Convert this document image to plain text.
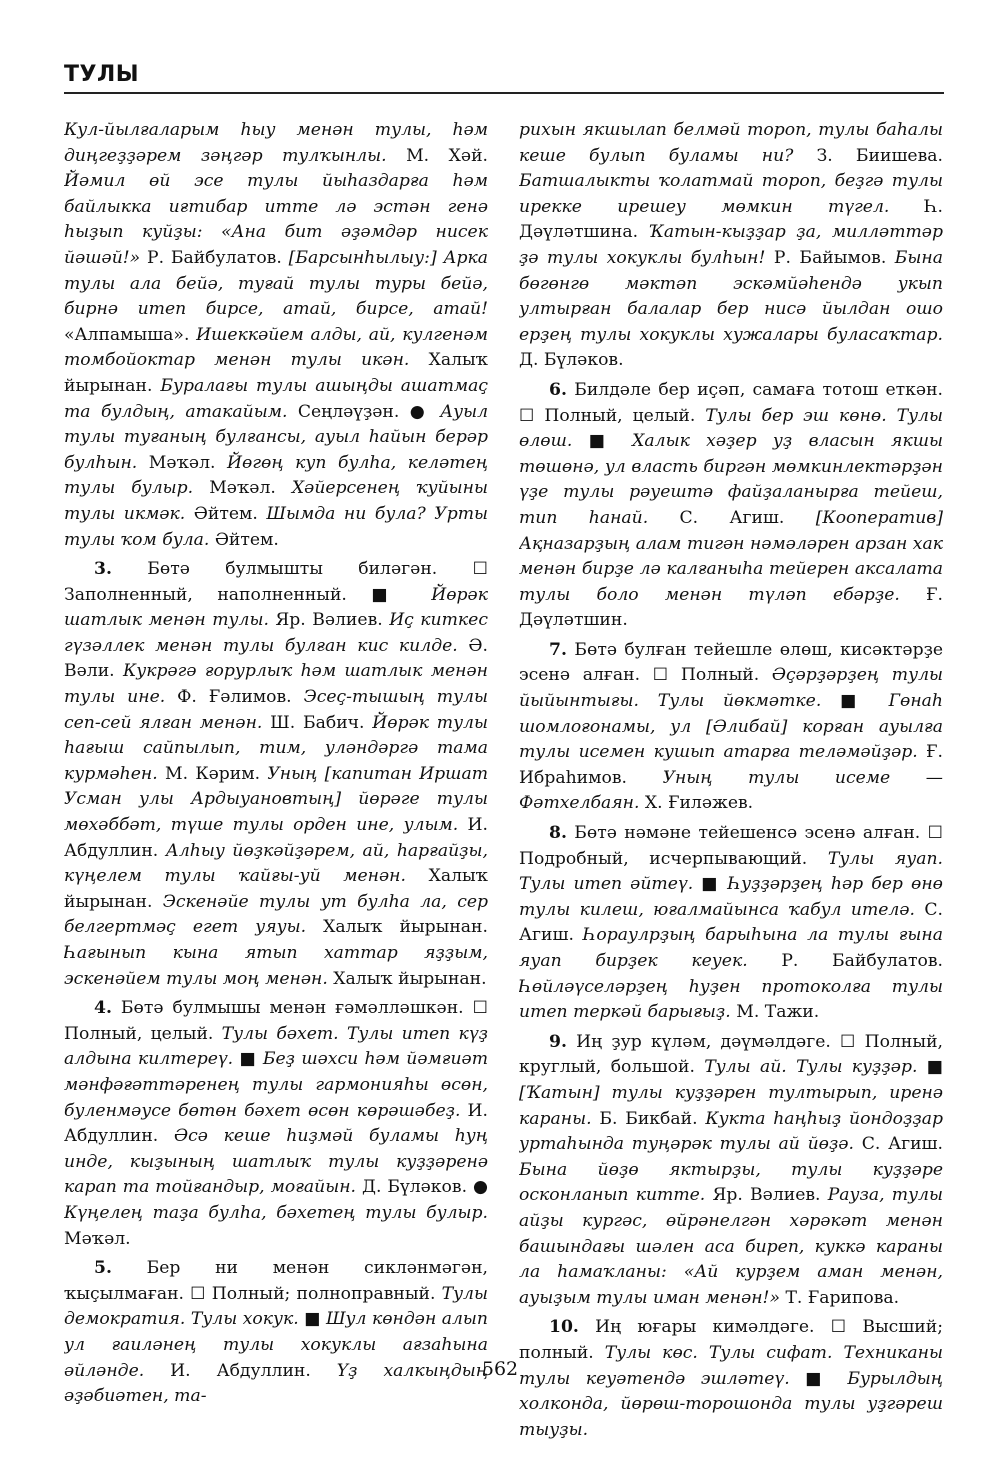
ТУЛЫ

Кул-йылғаларым һыу менән тулы, һәм диңгеҙҙәрем зәңгәр тулҡынлы. М. Хәй. Йәмил өй эсе тулы йыһаздарға һәм байлыкка иғтибар итте лә эстән генә һыҙып куйҙы: «Ана бит әҙәмдәр нисек йәшәй!» Р. Байбулатов. [Барсынһылыу:] Арка тулы ала бейә, туғай тулы туры бейә, бирнә итеп бирсе, атай, бирсе, атай! «Алпамыша». Ишеккәйем алды, ай, кулгенәм томбойоктар менән тулы икән. Халыҡ йырынан. Буралағы тулы ашыңды ашатмаҫ та булдың, атакайым. Сеңләүҙән. ● Ауыл тулы туғаның булғансы, ауыл һайын берәр булһын. Мәҡәл. Йөгөң куп булһа, келәтең тулы булыр. Мәҡәл. Хәйерсенең ҡуйыны тулы икмәк. Әйтем. Шымда ни була? Урты тулы ҡом була. Әйтем.

3. Бөтә булмышты биләгән. ☐ Заполненный, наполненный. ■ Йөрәк шатлык менән тулы. Яр. Вәлиев. Иҫ киткес гүзәллек менән тулы булған кис килде. Ә. Вәли. Кукрәгә ғорурлыҡ һәм шатлык менән тулы ине. Ф. Ғәлимов. Эсеҫ-тышың тулы сеп-сей ялған менән. Ш. Бабич. Йөрәк тулы һағыш сайпылып, тим, уләндәргә тама курмәһен. М. Кәрим. Уның [капитан Иршат Усман улы Ардыуановтың] йөрәге тулы мөхәббәт, түше тулы орден ине, улым. И. Абдуллин. Алһыу йөҙкәйҙәрем, ай, һарғайҙы, күңелем тулы ҡайғы-уй менән. Халыҡ йырынан. Эскенәйе тулы ут булһа ла, сер белгертмәҫ егет уяуы. Халыҡ йырынан. Һағынып кына ятып хаттар яҙҙым, эскенәйем тулы моң менән. Халыҡ йырынан.

4. Бөтә булмышы менән ғәмәлләшкән. ☐ Полный, целый. Тулы бәхет. Тулы итеп күҙ алдына килтереү. ■ Беҙ шәхси һәм йәмғиәт мәнфәғәттәренең тулы гармонияһы өсөн, буленмәусе бөтөн бәхет өсөн көрәшәбеҙ. И. Абдуллин. Әсә кеше һиҙмәй буламы һуң инде, кыҙының шатлыҡ тулы куҙҙәренә карап та тойғандыр, моғайын. Д. Бүләков. ● Күңелең таҙа булһа, бәхетең тулы булыр. Мәҡәл.

5. Бер ни менән сикләнмәгән, ҡыҫылмаған. ☐ Полный; полноправный. Тулы демократия. Тулы хокук. ■ Шул көндән алып ул ғаиләнең тулы хокуклы ағзаһына әйләнде. И. Абдуллин. Үҙ халкыңдың әҙәбиәтен, та-

рихын якшылап белмәй тороп, тулы баһалы кеше булып буламы ни? З. Биишева. Батшалыкты ҡолатмай тороп, беҙгә тулы ирекке ирешеу мөмкин түгел. Һ. Дәүләтшина. Ҡатын-кыҙҙар ҙа, милләттәр ҙә тулы хокуклы булһын! Р. Байымов. Бына бөгөнгө мәктәп эскәмйәһендә укып ултырған балалар бер нисә йылдан ошо ерҙең тулы хокуклы хужалары буласаҡтар. Д. Бүләков.

6. Билдәле бер иҫәп, самаға тотош еткән. ☐ Полный, целый. Тулы бер эш көнө. Тулы өлөш. ■ Халык хәҙер уҙ власын якшы төшөнә, ул власть биргән мөмкинлектәрҙән үҙе тулы рәуештә файҙаланырға тейеш, тип һанай. С. Агиш. [Кооператив] Ақназарҙың алам тигән нәмәләрен арзан хак менән бирҙе лә калғаныһа тейерен аксалата тулы боло менән түләп ебәрҙе. Ғ. Дәүләтшин.

7. Бөтә булған тейешле өлөш, кисәктәрҙе эсенә алған. ☐ Полный. Әҫәрҙәрҙең тулы йыйынтығы. Тулы йөкмәтке. ■ Гөнаһ шомлоғонамы, ул [Әлибай] корған ауылға тулы исемен кушып атарға теләмәйҙәр. Ғ. Ибраһимов. Уның тулы исеме — Фәтхелбаян. Х. Ғиләжев.

8. Бөтә нәмәне тейешенсә эсенә алған. ☐ Подробный, исчерпывающий. Тулы яуап. Тулы итеп әйтеү. ■ Һуҙҙәрҙең һәр бер өнө тулы килеш, юғалмайынса ҡабул ителә. С. Агиш. Һораулрҙың барыһына ла тулы ғына яуап бирҙек кеуек. Р. Байбулатов. Һөйләүселәрҙең һуҙен протоколға тулы итеп теркәй барығыҙ. М. Тажи.

9. Иң ҙур күләм, дәүмәлдәге. ☐ Полный, круглый, большой. Тулы ай. Тулы куҙҙәр. ■ [Ҡатын] тулы куҙҙәрен тултырып, иренә караны. Б. Бикбай. Кукта һаңһыҙ йондоҙҙар уртаһында туңәрәк тулы ай йөҙә. С. Агиш. Бына йөҙө яктырҙы, тулы куҙҙәре осконланып китте. Яр. Вәлиев. Рауза, тулы айҙы кургәс, өйрәнелгән хәрәкәт менән башындағы шәлен аса биреп, куккә караны ла һамаҡланы: «Ай курҙем аман менән, ауыҙым тулы иман менән!» Т. Ғарипова.

10. Иң юғары кимәлдәге. ☐ Высший; полный. Тулы көс. Тулы сифат. Техниканы тулы кеуәтендә эшләтеү. ■ Бурылдың холконда, йөрөш-торошонда тулы уҙгәреш тыуҙы.

562
